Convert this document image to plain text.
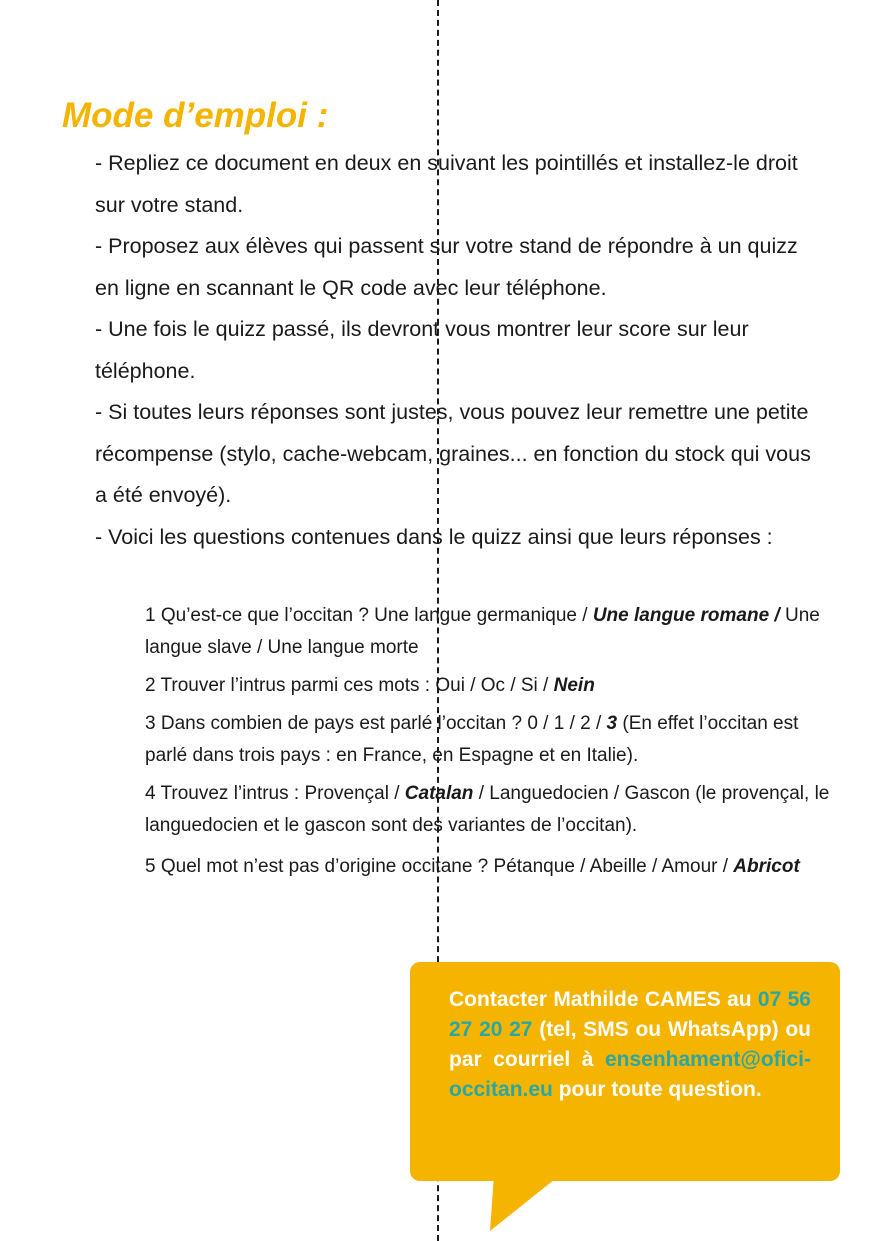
Mode d’emploi :
- Repliez ce document en deux en suivant les pointillés et installez-le droit sur votre stand.
- Proposez aux élèves qui passent sur votre stand de répondre à un quizz en ligne en scannant le QR code avec leur téléphone.
- Une fois le quizz passé, ils devront vous montrer leur score sur leur téléphone.
- Si toutes leurs réponses sont justes, vous pouvez leur remettre une petite récompense (stylo, cache-webcam, graines... en fonction du stock qui vous a été envoyé).
- Voici les questions contenues dans le quizz ainsi que leurs réponses :
1 Qu’est-ce que l’occitan ? Une langue germanique / Une langue romane / Une langue slave / Une langue morte
2 Trouver l’intrus parmi ces mots : Oui / Oc / Si / Nein
3 Dans combien de pays est parlé l’occitan ? 0 / 1 / 2 / 3 (En effet l’occitan est parlé dans trois pays : en France, en Espagne et en Italie).
4 Trouvez l’intrus : Provençal / Catalan / Languedocien / Gascon (le provençal, le languedocien et le gascon sont des variantes de l’occitan).
5 Quel mot n’est pas d’origine occitane ? Pétanque / Abeille / Amour / Abricot
Contacter Mathilde CAMES au 07 56 27 20 27 (tel, SMS ou WhatsApp) ou par courriel à ensenhament@ofici-occitan.eu pour toute question.
